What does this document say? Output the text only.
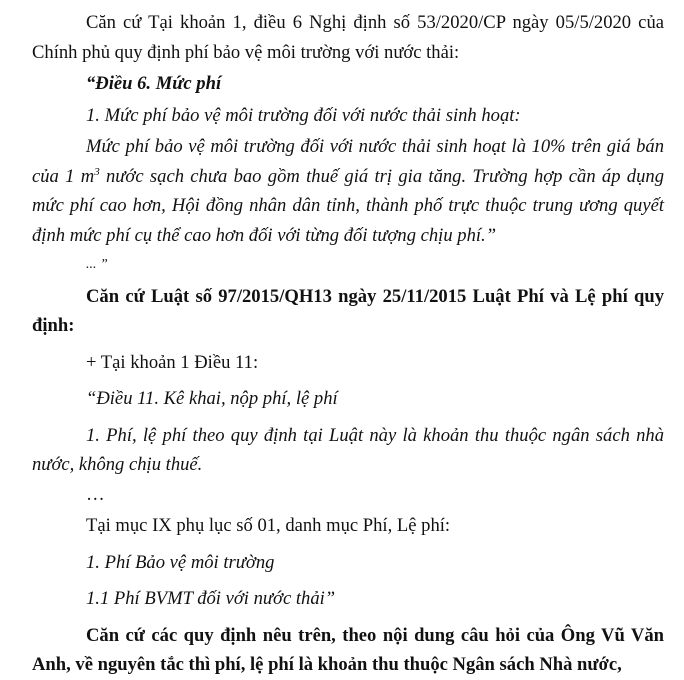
Căn cứ Tại khoản 1, điều 6 Nghị định số 53/2020/CP ngày 05/5/2020 của Chính phủ quy định phí bảo vệ môi trường với nước thải:

“Điều 6. Mức phí

1. Mức phí bảo vệ môi trường đối với nước thải sinh hoạt:

Mức phí bảo vệ môi trường đối với nước thải sinh hoạt là 10% trên giá bán của 1 $m^3$ nước sạch chưa bao gồm thuế giá trị gia tăng. Trường hợp cần áp dụng mức phí cao hơn, Hội đồng nhân dân tỉnh, thành phố trực thuộc trung ương quyết định mức phí cụ thể cao hơn đối với từng đối tượng chịu phí.”

... ”

Căn cứ Luật số 97/2015/QH13 ngày 25/11/2015 Luật Phí và Lệ phí quy định:

+ Tại khoản 1 Điều 11:

“Điều 11. Kê khai, nộp phí, lệ phí

1. Phí, lệ phí theo quy định tại Luật này là khoản thu thuộc ngân sách nhà nước, không chịu thuế.

…

Tại mục IX phụ lục số 01, danh mục Phí, Lệ phí:

1. Phí Bảo vệ môi trường

1.1 Phí BVMT đối với nước thải”

Căn cứ các quy định nêu trên, theo nội dung câu hỏi của Ông Vũ Văn Anh, về nguyên tắc thì phí, lệ phí là khoản thu thuộc Ngân sách Nhà nước,
